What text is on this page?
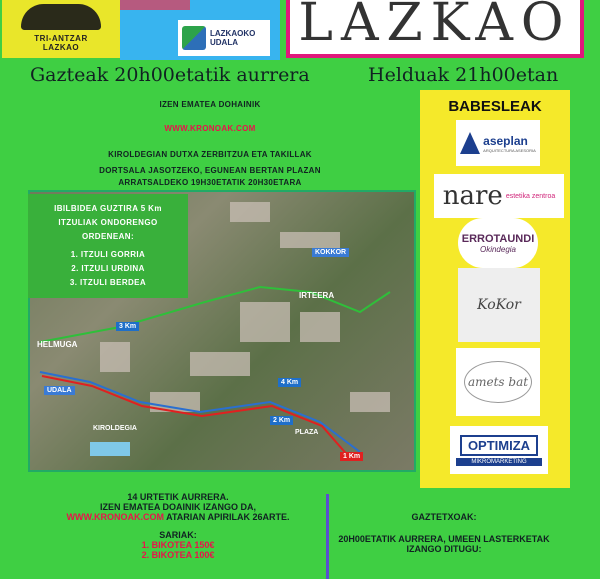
TRI-ANTZAR
LAZKAO
LAZKAOKO
UDALA	LAZKAO
Gazteak 20h00etatik aurrera	Helduak 21h00etan
IZEN EMATEA DOHAINIK
WWW.KRONOAK.COM
KIROLDEGIAN DUTXA ZERBITZUA ETA TAKILLAK
DORTSALA JASOTZEKO, EGUNEAN BERTAN PLAZAN
ARRATSALDEKO 19H30ETATIK 20H30ETARA
BABESLEAK
aseplan
ARQUITECTURA ASESORIA
nare estetika zentroa
ERROTAUNDI
Okindegia
KoKor
amets bat
OPTIMIZA
MIKROMARKETING
KOKKOR
IRTEERA
HELMUGA
UDALA
KIROLDEGIA
PLAZA
3 Km
4 Km
2 Km
1 Km
IBILBIDEA GUZTIRA 5 Km
ITZULIAK ONDORENGO
ORDENEAN:
1. ITZULI GORRIA
2. ITZULI URDINA
3. ITZULI BERDEA
14 URTETIK AURRERA.
IZEN EMATEA DOAINIK IZANGO DA,
WWW.KRONOAK.COM ATARIAN APIRILAK 26ARTE.
SARIAK:
1. BIKOTEA 150€
2. BIKOTEA 100€
GAZTETXOAK:
20H00ETATIK AURRERA, UMEEN LASTERKETAK
IZANGO DITUGU:
